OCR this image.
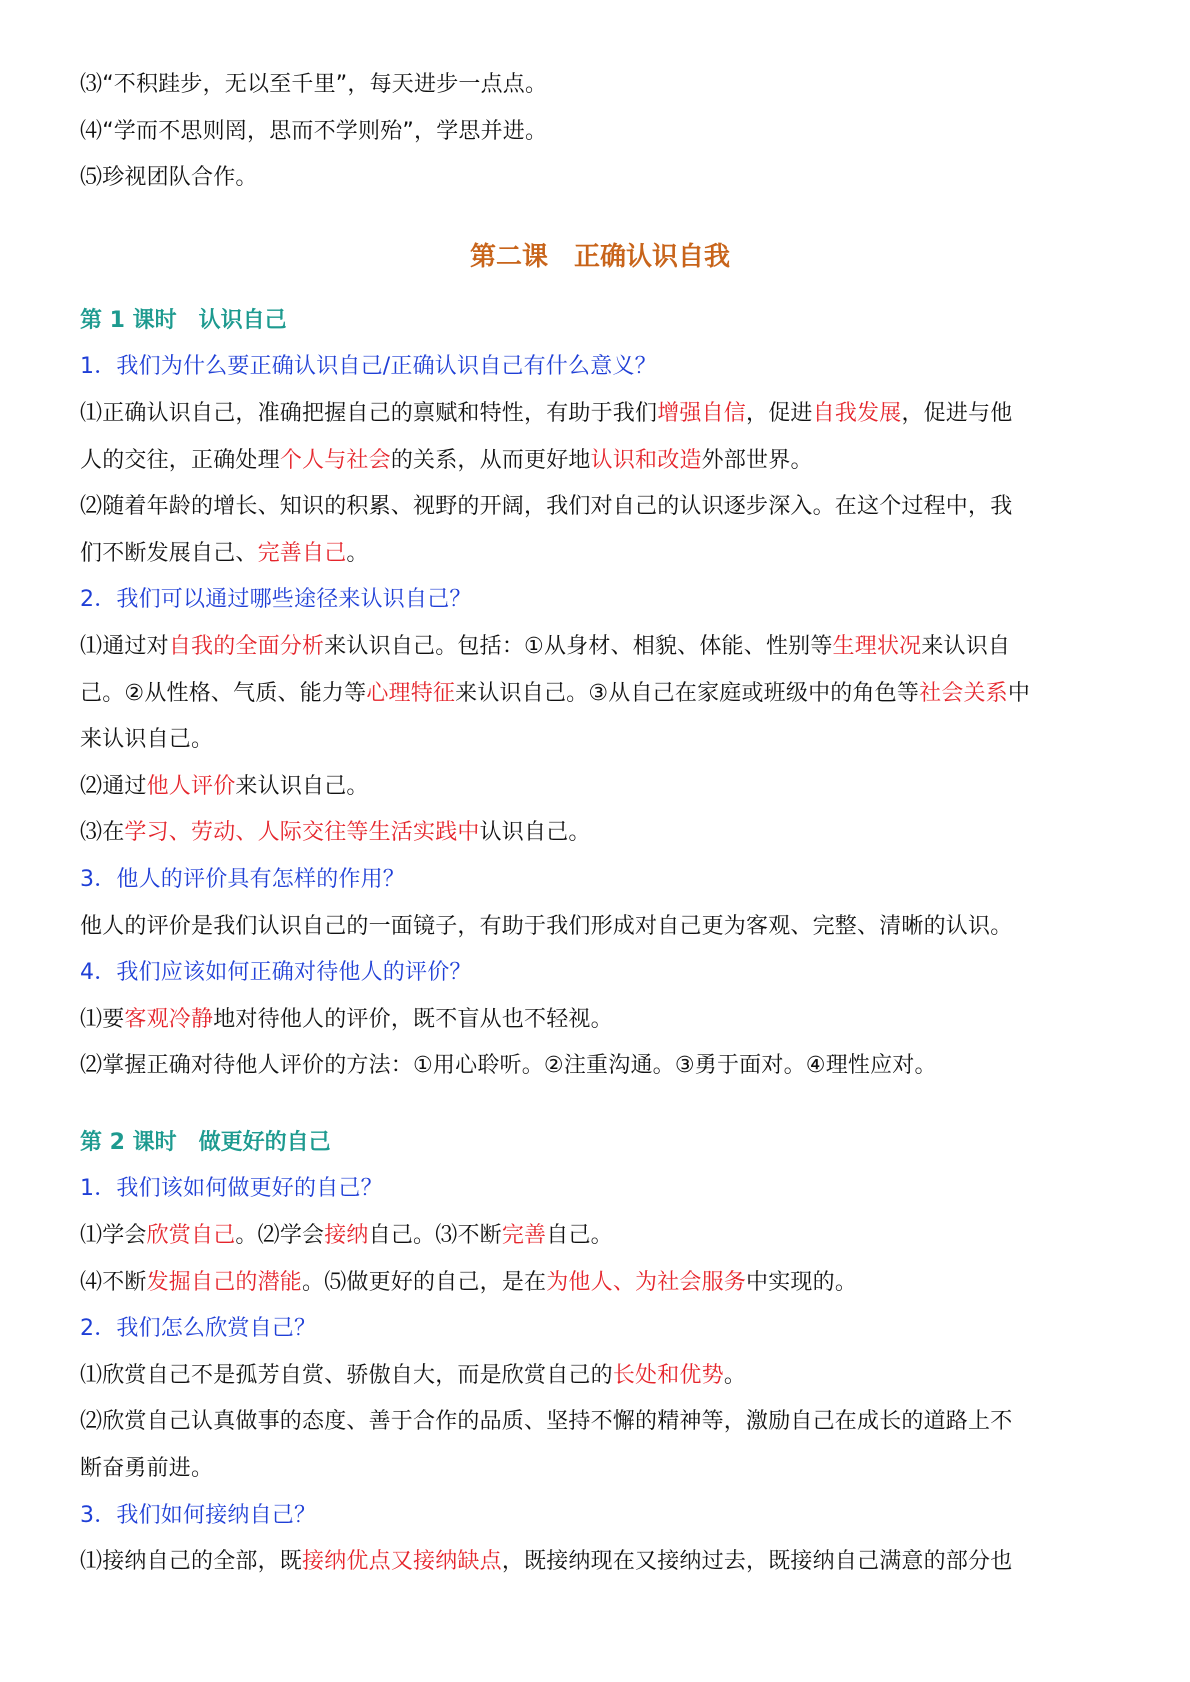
⑶“不积跬步，无以至千里”，每天进步一点点。
⑷“学而不思则罔，思而不学则殆”，学思并进。
⑸珍视团队合作。
第二课　正确认识自我
第 1 课时　认识自己
1．我们为什么要正确认识自己/正确认识自己有什么意义？
⑴正确认识自己，准确把握自己的禀赋和特性，有助于我们增强自信，促进自我发展，促进与他
人的交往，正确处理个人与社会的关系，从而更好地认识和改造外部世界。
⑵随着年龄的增长、知识的积累、视野的开阔，我们对自己的认识逐步深入。在这个过程中，我
们不断发展自己、完善自己。
2．我们可以通过哪些途径来认识自己？
⑴通过对自我的全面分析来认识自己。包括：①从身材、相貌、体能、性别等生理状况来认识自
己。②从性格、气质、能力等心理特征来认识自己。③从自己在家庭或班级中的角色等社会关系中
来认识自己。
⑵通过他人评价来认识自己。
⑶在学习、劳动、人际交往等生活实践中认识自己。
3．他人的评价具有怎样的作用？
他人的评价是我们认识自己的一面镜子，有助于我们形成对自己更为客观、完整、清晰的认识。
4．我们应该如何正确对待他人的评价？
⑴要客观冷静地对待他人的评价，既不盲从也不轻视。
⑵掌握正确对待他人评价的方法：①用心聆听。②注重沟通。③勇于面对。④理性应对。
第 2 课时　做更好的自己
1．我们该如何做更好的自己？
⑴学会欣赏自己。⑵学会接纳自己。⑶不断完善自己。
⑷不断发掘自己的潜能。⑸做更好的自己，是在为他人、为社会服务中实现的。
2．我们怎么欣赏自己？
⑴欣赏自己不是孤芳自赏、骄傲自大，而是欣赏自己的长处和优势。
⑵欣赏自己认真做事的态度、善于合作的品质、坚持不懈的精神等，激励自己在成长的道路上不
断奋勇前进。
3．我们如何接纳自己？
⑴接纳自己的全部，既接纳优点又接纳缺点，既接纳现在又接纳过去，既接纳自己满意的部分也
